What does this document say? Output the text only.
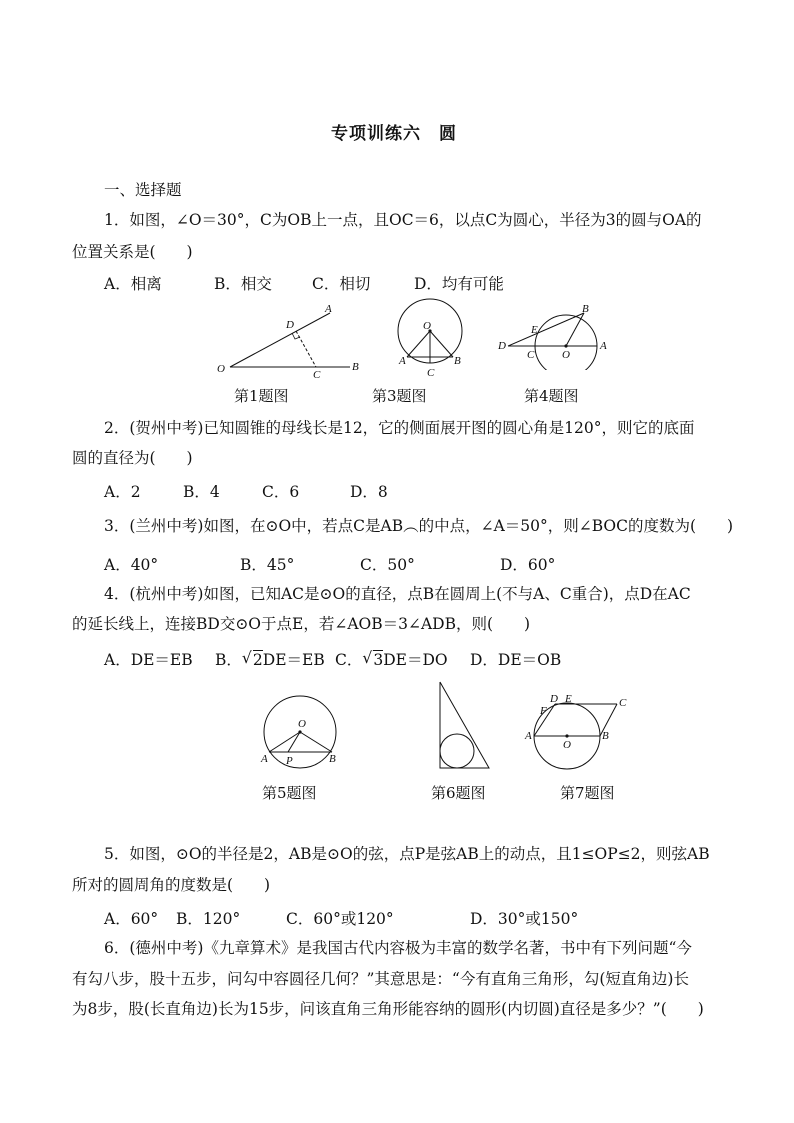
专项训练六　圆
一、选择题
1．如图，∠O＝30°，C为OB上一点，且OC＝6，以点C为圆心，半径为3的圆与OA的
位置关系是(　　)
A．相离	B．相交	C．相切	D．均有可能
A
D
O	C
B
O
A
C
B
B
E
D
C	O
A
第1题图	第3题图	第4题图
2．(贺州中考)已知圆锥的母线长是12，它的侧面展开图的圆心角是120°，则它的底面
圆的直径为(　　)
A．2	B．4	C．6	D．8
3．(兰州中考)如图，在⊙O中，若点C是AB︵的中点，∠A＝50°，则∠BOC的度数为(　　)
A．40°	B．45°	C．50°	D．60°
4．(杭州中考)如图，已知AC是⊙O的直径，点B在圆周上(不与A、C重合)，点D在AC
的延长线上，连接BD交⊙O于点E，若∠AOB＝3∠ADB，则(　　)
A．DE＝EB B． √ 2DE＝EB C． √ 3DE＝DO D．DE＝OB
O
A P	B
D E	C
F
A
O
B
第5题图	第6题图	第7题图
5．如图，⊙O的半径是2，AB是⊙O的弦，点P是弦AB上的动点，且1≤OP≤2，则弦AB
所对的圆周角的度数是(　　)
A．60° B．120°	C．60°或120°	D．30°或150°
6．(德州中考)《九章算术》是我国古代内容极为丰富的数学名著，书中有下列问题“今
有勾八步，股十五步，问勾中容圆径几何？”其意思是：“今有直角三角形，勾(短直角边)长
为8步，股(长直角边)长为15步，问该直角三角形能容纳的圆形(内切圆)直径是多少？”(　　)
